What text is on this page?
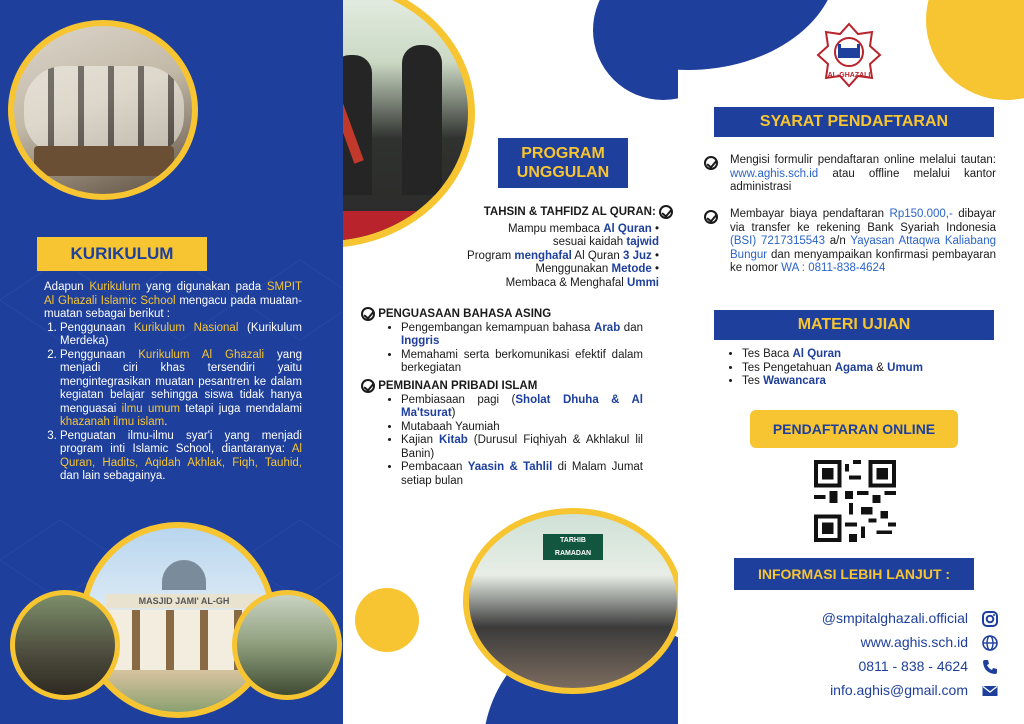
KURIKULUM
Adapun Kurikulum yang digunakan pada SMPIT Al Ghazali Islamic School mengacu pada muatan-muatan sebagai berikut :
1. Penggunaan Kurikulum Nasional (Kurikulum Merdeka)
2. Penggunaan Kurikulum Al Ghazali yang menjadi ciri khas tersendiri yaitu mengintegrasikan muatan pesantren ke dalam kegiatan belajar sehingga siswa tidak hanya menguasai ilmu umum tetapi juga mendalami khazanah ilmu islam.
3. Penguatan ilmu-ilmu syar'i yang menjadi program inti Islamic School, diantaranya: Al Quran, Hadits, Aqidah Akhlak, Fiqh, Tauhid, dan lain sebagainya.
MASJID JAMI' AL-GH
PROGRAM
UNGGULAN
TAHSIN & TAHFIDZ AL QURAN:
Mampu membaca Al Quran •
sesuai kaidah tajwid
Program menghafal Al Quran 3 Juz •
Menggunakan Metode •
Membaca & Menghafal Ummi
PENGUASAAN BAHASA ASING
• Pengembangan kemampuan bahasa Arab dan Inggris
• Memahami serta berkomunikasi efektif dalam berkegiatan
PEMBINAAN PRIBADI ISLAM
• Pembiasaan pagi (Sholat Dhuha & Al Ma'tsurat)
• Mutabaah Yaumiah
• Kajian Kitab (Durusul Fiqhiyah & Akhlakul lil Banin)
• Pembacaan Yaasin & Tahlil di Malam Jumat setiap bulan
TARHIB RAMADAN
AL-GHAZALI
SYARAT PENDAFTARAN
Mengisi formulir pendaftaran online melalui tautan: www.aghis.sch.id atau offline melalui kantor administrasi
Membayar biaya pendaftaran Rp150.000,- dibayar via transfer ke rekening Bank Syariah Indonesia (BSI) 7217315543 a/n Yayasan Attaqwa Kaliabang Bungur dan menyampaikan konfirmasi pembayaran ke nomor WA : 0811-838-4624
MATERI UJIAN
• Tes Baca Al Quran
• Tes Pengetahuan Agama & Umum
• Tes Wawancara
PENDAFTARAN ONLINE
INFORMASI LEBIH LANJUT :
@smpitalghazali.official
www.aghis.sch.id
0811 - 838 - 4624
info.aghis@gmail.com
